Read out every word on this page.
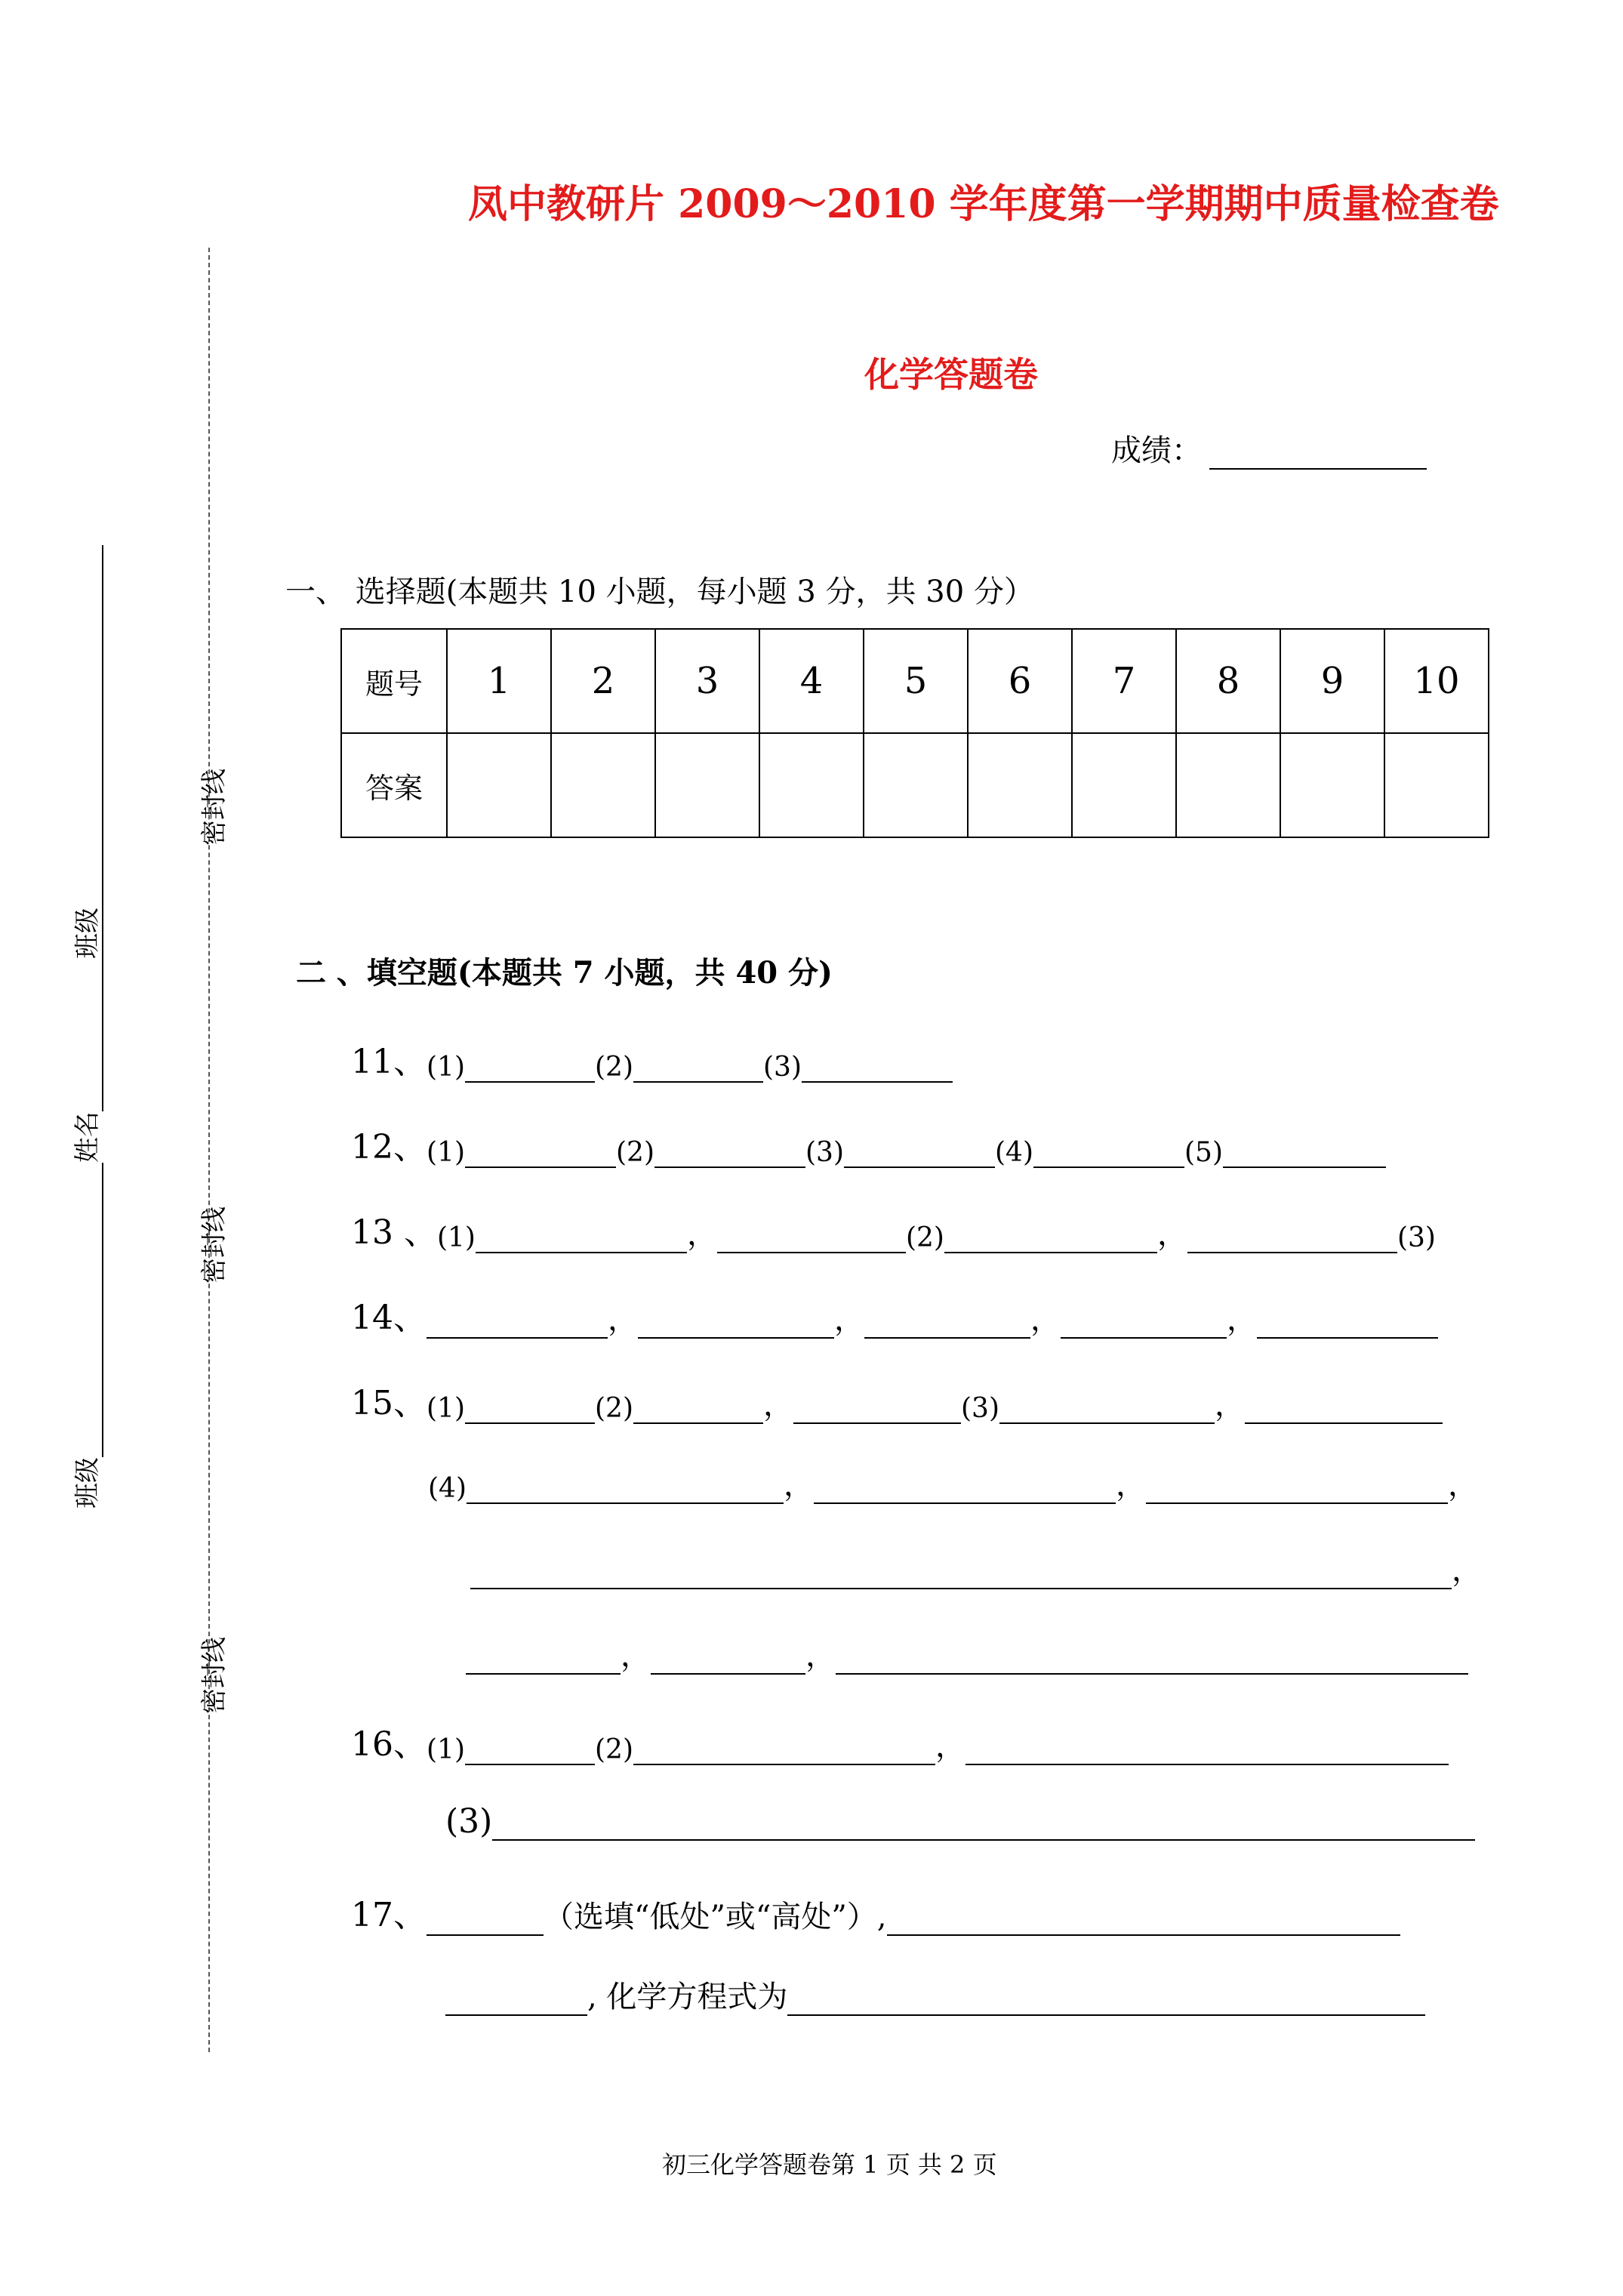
凤中教研片 2009～2010 学年度第一学期期中质量检查卷
化学答题卷
成绩：
一、 选择题(本题共 10 小题，每小题 3 分，共 30 分）
题号	1	2	3	4	5	6	7	8	9	10
答案										
二 、填空题(本题共 7 小题，共 40 分)
11、 (1)	(2)	(3)
12、 (1)	(2)	(3)	(4)	(5)
13 、 (1)	，	(2)	，	(3)
14、	，	，	，	，
15、 (1)	(2)	，	(3)	，
(4)	，	，	，
，
，	，
16、 (1)	(2)	，
(3)
17、	（选填“低处”或“高处”）,
, 化学方程式为
密封线
密封线
密封线
班级
姓名
班级
初三化学答题卷第 1 页 共 2 页
